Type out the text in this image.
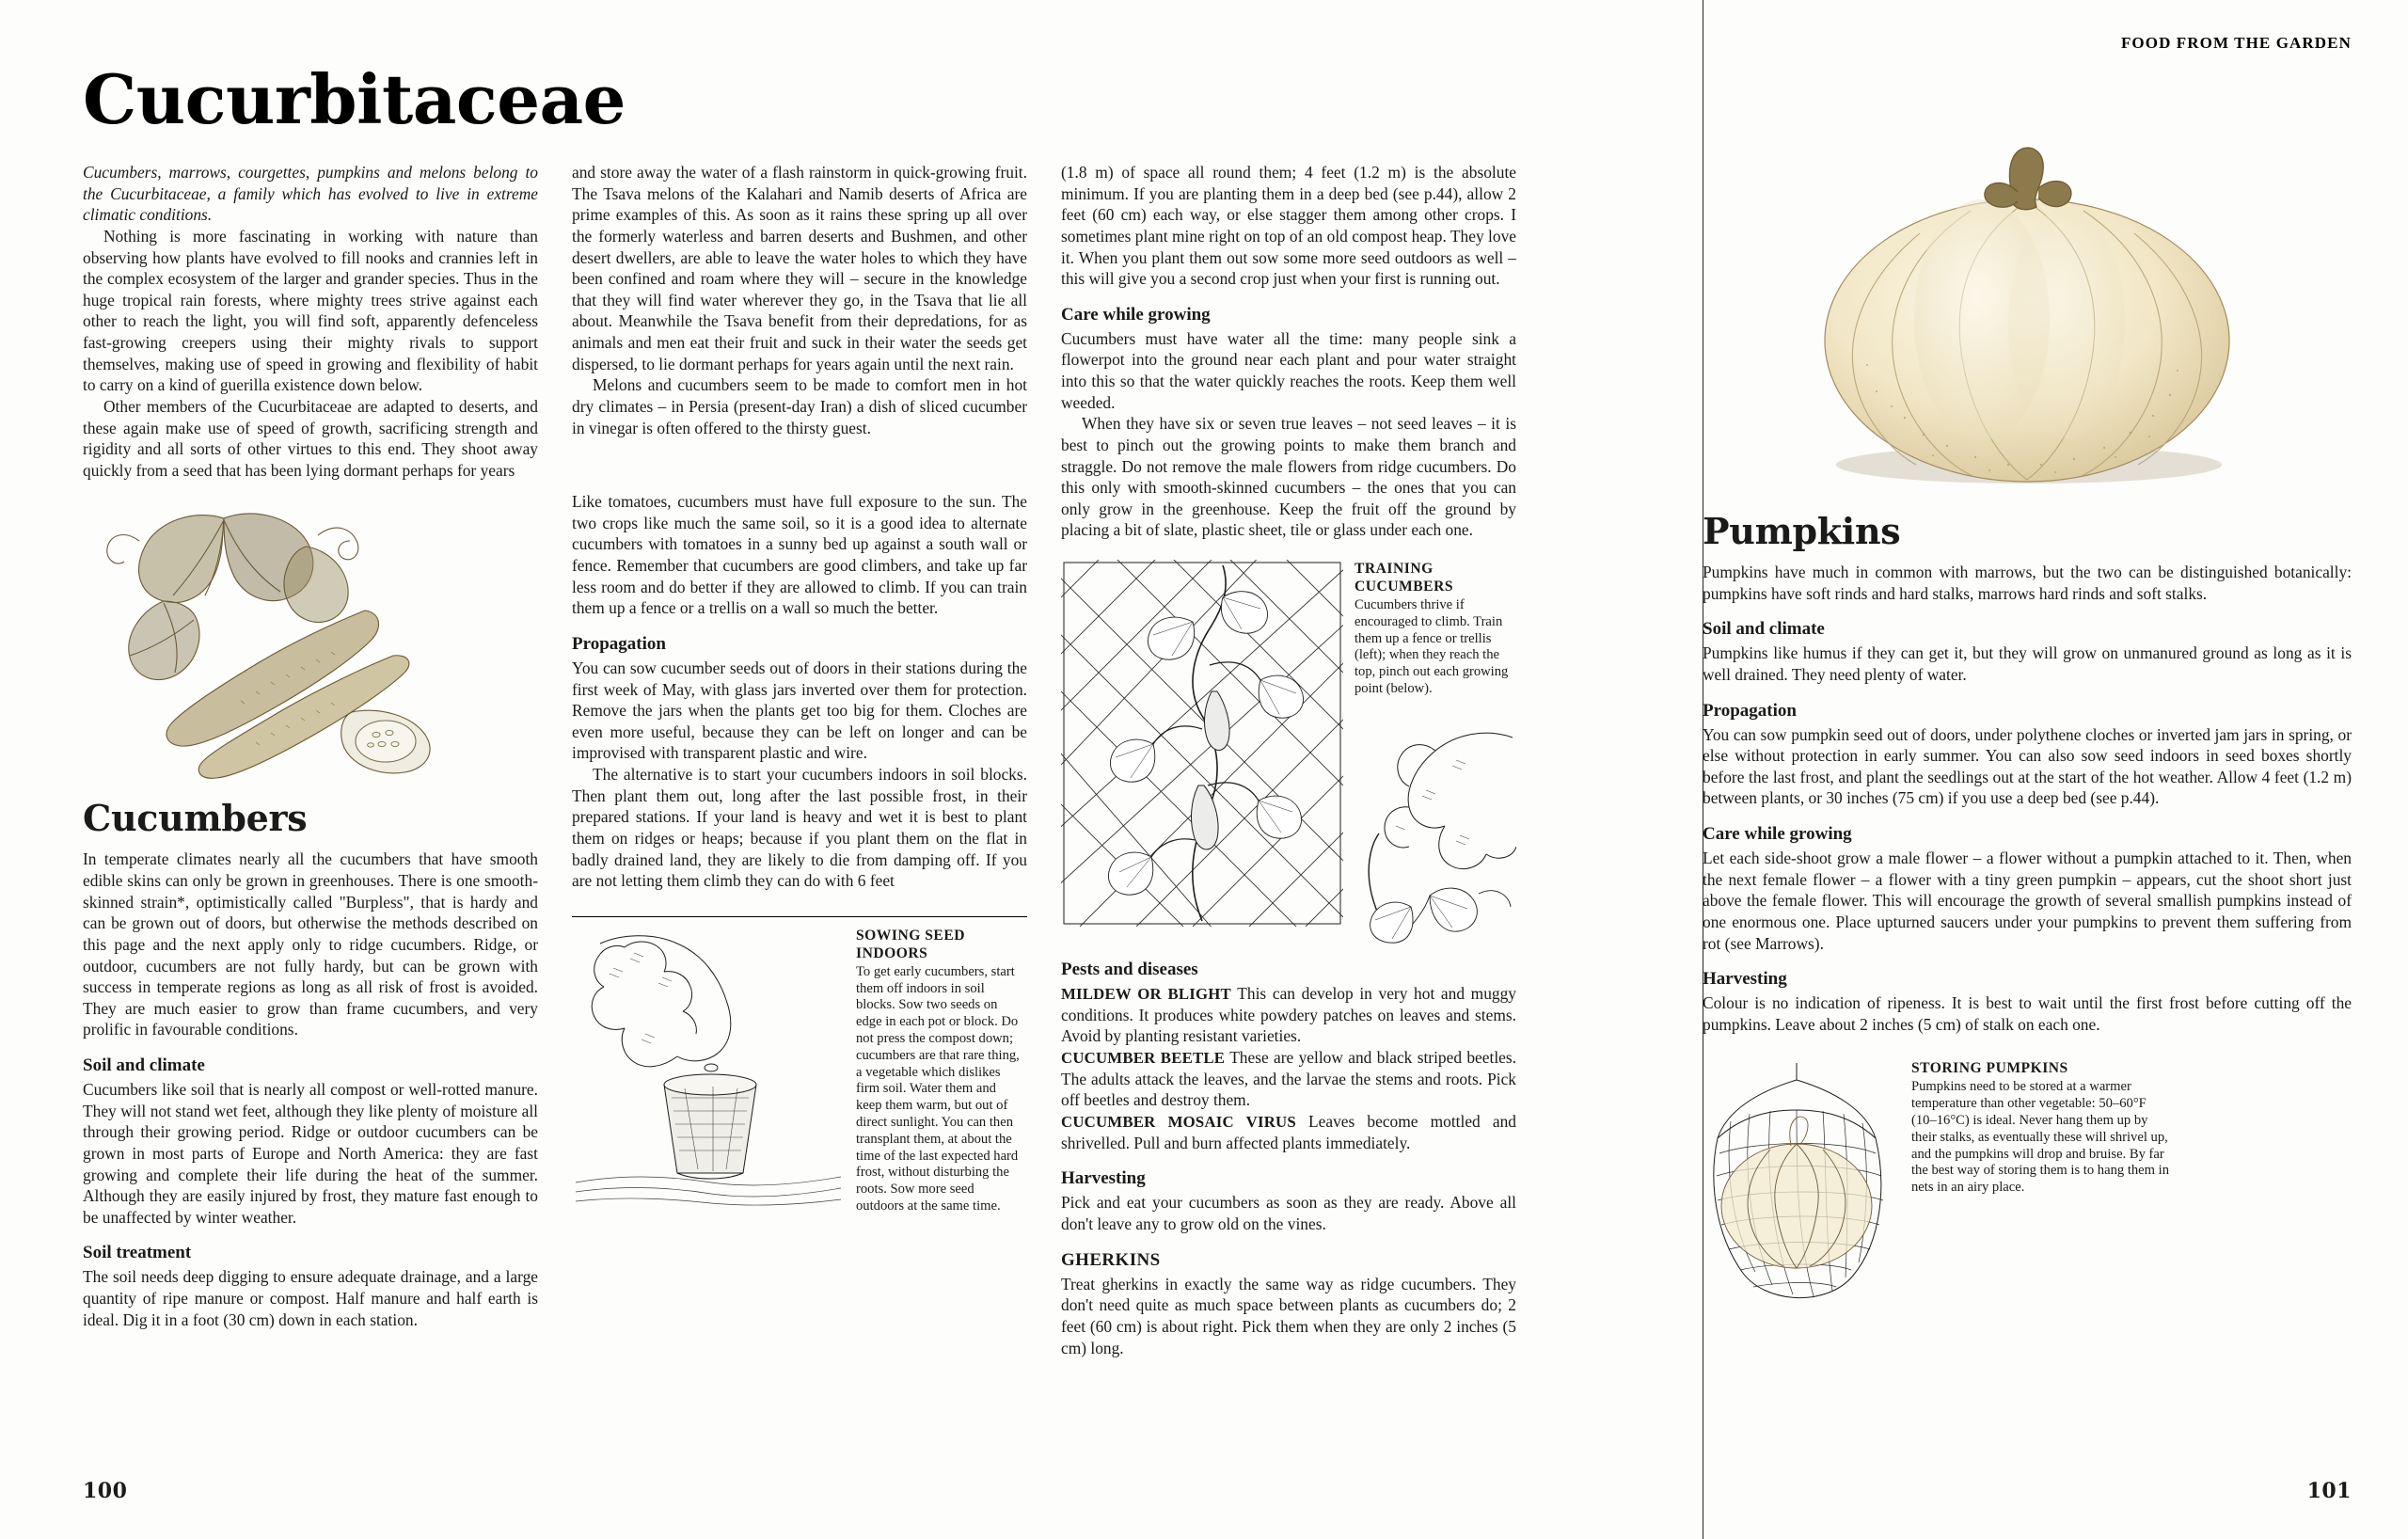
Cucurbitaceae

Cucumbers, marrows, courgettes, pumpkins and melons belong to the Cucurbitaceae, a family which has evolved to live in extreme climatic conditions.

Nothing is more fascinating in working with nature than observing how plants have evolved to fill nooks and crannies left in the complex ecosystem of the larger and grander species. Thus in the huge tropical rain forests, where mighty trees strive against each other to reach the light, you will find soft, apparently defenceless fast-growing creepers using their mighty rivals to support themselves, making use of speed in growing and flexibility of habit to carry on a kind of guerilla existence down below.

Other members of the Cucurbitaceae are adapted to deserts, and these again make use of speed of growth, sacrificing strength and rigidity and all sorts of other virtues to this end. They shoot away quickly from a seed that has been lying dormant perhaps for years

Cucumbers

In temperate climates nearly all the cucumbers that have smooth edible skins can only be grown in greenhouses. There is one smooth-skinned strain*, optimistically called "Burpless", that is hardy and can be grown out of doors, but otherwise the methods described on this page and the next apply only to ridge cucumbers. Ridge, or outdoor, cucumbers are not fully hardy, but can be grown with success in temperate regions as long as all risk of frost is avoided. They are much easier to grow than frame cucumbers, and very prolific in favourable conditions.

Soil and climate

Cucumbers like soil that is nearly all compost or well-rotted manure. They will not stand wet feet, although they like plenty of moisture all through their growing period. Ridge or outdoor cucumbers can be grown in most parts of Europe and North America: they are fast growing and complete their life during the heat of the summer. Although they are easily injured by frost, they mature fast enough to be unaffected by winter weather.

Soil treatment

The soil needs deep digging to ensure adequate drainage, and a large quantity of ripe manure or compost. Half manure and half earth is ideal. Dig it in a foot (30 cm) down in each station.

and store away the water of a flash rainstorm in quick-growing fruit. The Tsava melons of the Kalahari and Namib deserts of Africa are prime examples of this. As soon as it rains these spring up all over the formerly waterless and barren deserts and Bushmen, and other desert dwellers, are able to leave the water holes to which they have been confined and roam where they will – secure in the knowledge that they will find water wherever they go, in the Tsava that lie all about. Meanwhile the Tsava benefit from their depredations, for as animals and men eat their fruit and suck in their water the seeds get dispersed, to lie dormant perhaps for years again until the next rain.

Melons and cucumbers seem to be made to comfort men in hot dry climates – in Persia (present-day Iran) a dish of sliced cucumber in vinegar is often offered to the thirsty guest.

Like tomatoes, cucumbers must have full exposure to the sun. The two crops like much the same soil, so it is a good idea to alternate cucumbers with tomatoes in a sunny bed up against a south wall or fence. Remember that cucumbers are good climbers, and take up far less room and do better if they are allowed to climb. If you can train them up a fence or a trellis on a wall so much the better.

Propagation

You can sow cucumber seeds out of doors in their stations during the first week of May, with glass jars inverted over them for protection. Remove the jars when the plants get too big for them. Cloches are even more useful, because they can be left on longer and can be improvised with transparent plastic and wire.

The alternative is to start your cucumbers indoors in soil blocks. Then plant them out, long after the last possible frost, in their prepared stations. If your land is heavy and wet it is best to plant them on ridges or heaps; because if you plant them on the flat in badly drained land, they are likely to die from damping off. If you are not letting them climb they can do with 6 feet

SOWING SEED INDOORS
To get early cucumbers, start them off indoors in soil blocks. Sow two seeds on edge in each pot or block. Do not press the compost down; cucumbers are that rare thing, a vegetable which dislikes firm soil. Water them and keep them warm, but out of direct sunlight. You can then transplant them, at about the time of the last expected hard frost, without disturbing the roots. Sow more seed outdoors at the same time.

(1.8 m) of space all round them; 4 feet (1.2 m) is the absolute minimum. If you are planting them in a deep bed (see p.44), allow 2 feet (60 cm) each way, or else stagger them among other crops. I sometimes plant mine right on top of an old compost heap. They love it. When you plant them out sow some more seed outdoors as well – this will give you a second crop just when your first is running out.

Care while growing

Cucumbers must have water all the time: many people sink a flowerpot into the ground near each plant and pour water straight into this so that the water quickly reaches the roots. Keep them well weeded.

When they have six or seven true leaves – not seed leaves – it is best to pinch out the growing points to make them branch and straggle. Do not remove the male flowers from ridge cucumbers. Do this only with smooth-skinned cucumbers – the ones that you can only grow in the greenhouse. Keep the fruit off the ground by placing a bit of slate, plastic sheet, tile or glass under each one.

TRAINING CUCUMBERS
Cucumbers thrive if encouraged to climb. Train them up a fence or trellis (left); when they reach the top, pinch out each growing point (below).
Pests and diseases

MILDEW OR BLIGHT This can develop in very hot and muggy conditions. It produces white powdery patches on leaves and stems. Avoid by planting resistant varieties.

CUCUMBER BEETLE These are yellow and black striped beetles. The adults attack the leaves, and the larvae the stems and roots. Pick off beetles and destroy them.

CUCUMBER MOSAIC VIRUS Leaves become mottled and shrivelled. Pull and burn affected plants immediately.

Harvesting

Pick and eat your cucumbers as soon as they are ready. Above all don't leave any to grow old on the vines.

GHERKINS

Treat gherkins in exactly the same way as ridge cucumbers. They don't need quite as much space between plants as cucumbers do; 2 feet (60 cm) is about right. Pick them when they are only 2 inches (5 cm) long.

100
FOOD FROM THE GARDEN
Pumpkins

Pumpkins have much in common with marrows, but the two can be distinguished botanically: pumpkins have soft rinds and hard stalks, marrows hard rinds and soft stalks.

Soil and climate

Pumpkins like humus if they can get it, but they will grow on unmanured ground as long as it is well drained. They need plenty of water.

Propagation

You can sow pumpkin seed out of doors, under polythene cloches or inverted jam jars in spring, or else without protection in early summer. You can also sow seed indoors in seed boxes shortly before the last frost, and plant the seedlings out at the start of the hot weather. Allow 4 feet (1.2 m) between plants, or 30 inches (75 cm) if you use a deep bed (see p.44).

Care while growing

Let each side-shoot grow a male flower – a flower without a pumpkin attached to it. Then, when the next female flower – a flower with a tiny green pumpkin – appears, cut the shoot short just above the female flower. This will encourage the growth of several smallish pumpkins instead of one enormous one. Place upturned saucers under your pumpkins to prevent them suffering from rot (see Marrows).

Harvesting

Colour is no indication of ripeness. It is best to wait until the first frost before cutting off the pumpkins. Leave about 2 inches (5 cm) of stalk on each one.

STORING PUMPKINS
Pumpkins need to be stored at a warmer temperature than other vegetable: 50–60°F (10–16°C) is ideal. Never hang them up by their stalks, as eventually these will shrivel up, and the pumpkins will drop and bruise. By far the best way of storing them is to hang them in nets in an airy place.
101
